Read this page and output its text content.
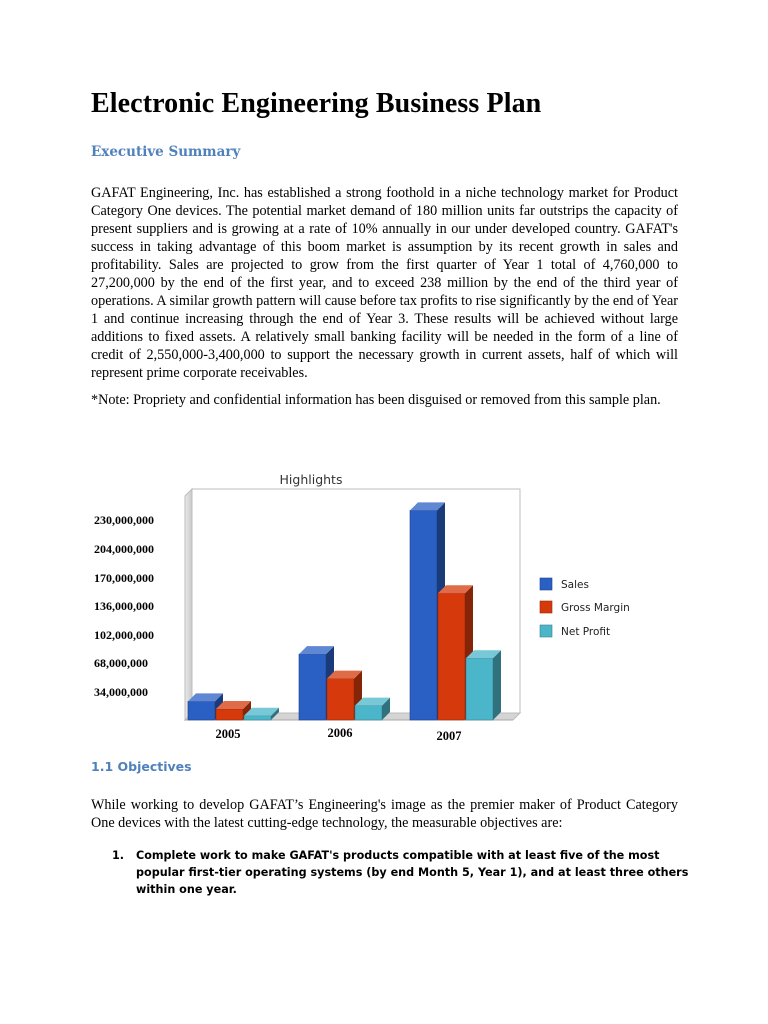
Electronic Engineering Business Plan
Executive Summary

GAFAT Engineering, Inc. has established a strong foothold in a niche technology market for Product Category One devices. The potential market demand of 180 million units far outstrips the capacity of present suppliers and is growing at a rate of 10% annually in our under developed country. GAFAT's success in taking advantage of this boom market is assumption by its recent growth in sales and profitability. Sales are projected to grow from the first quarter of Year 1 total of 4,760,000 to 27,200,000 by the end of the first year, and to exceed 238 million by the end of the third year of operations. A similar growth pattern will cause before tax profits to rise significantly by the end of Year 1 and continue increasing through the end of Year 3. These results will be achieved without large additions to fixed assets. A relatively small banking facility will be needed in the form of a line of credit of 2,550,000-3,400,000 to support the necessary growth in current assets, half of which will represent prime corporate receivables.

*Note: Propriety and confidential information has been disguised or removed from this sample plan.

Highlights
230,000,000
204,000,000
170,000,000
136,000,000
102,000,000
68,000,000
34,000,000
2005	2006	2007
Sales
Gross Margin
Net Profit
1.1 Objectives

While working to develop GAFAT’s Engineering's image as the premier maker of Product Category One devices with the latest cutting-edge technology, the measurable objectives are:

1. Complete work to make GAFAT's products compatible with at least five of the most popular first-tier operating systems (by end Month 5, Year 1), and at least three others within one year.
